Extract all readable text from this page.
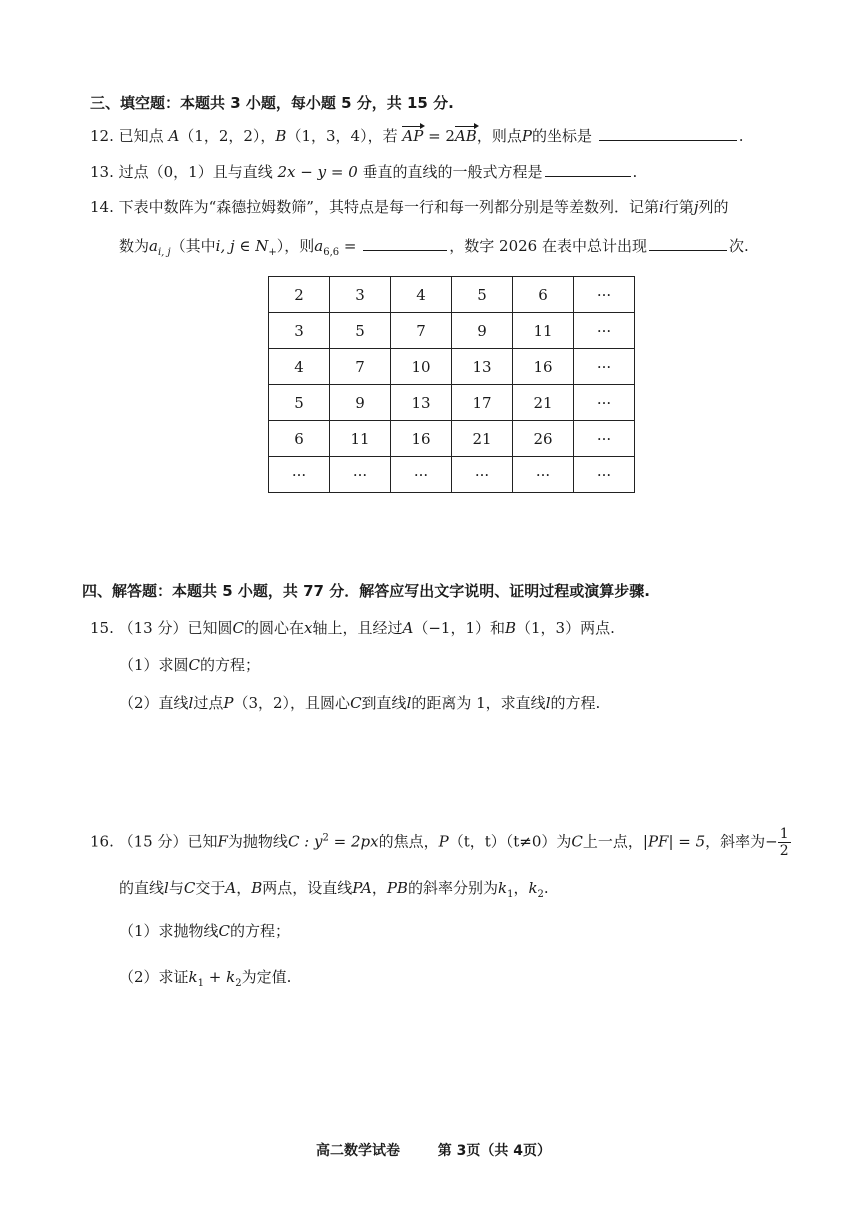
三、填空题：本题共 3 小题，每小题 5 分，共 15 分.
12. 已知点 A（1，2，2），B（1，3，4），若 AP = 2AB，则点P的坐标是	.
13. 过点（0，1）且与直线 2x − y = 0 垂直的直线的一般式方程是	.
14. 下表中数阵为“森德拉姆数筛”，其特点是每一行和每一列都分别是等差数列．记第i行第j列的
数为$a_{i, j}$（其中i, j ∈ $N_+$），则$a_{6,6}$ =	，数字 2026 在表中总计出现	次.
2	3	4	5	6	···
3	5	7	9	11	···
4	7	10	13	16	···
5	9	13	17	21	···
6	11	16	21	26	···
···	···	···	···	···	···
四、解答题：本题共 5 小题，共 77 分．解答应写出文字说明、证明过程或演算步骤.
15. （13 分）已知圆C的圆心在x轴上，且经过A（−1，1）和B（1，3）两点.
（1）求圆C的方程；
（2）直线l过点P（3，2），且圆心C到直线l的距离为 1，求直线l的方程.
16. （15 分）已知F为抛物线C : $y^2 = 2px$的焦点，P（t，t）（t≠0）为C上一点，|PF| = 5，斜率为− $\frac{1}{2}$
的直线l与C交于A，B两点，设直线PA，PB的斜率分别为$k_1$，$k_2$.
（1）求抛物线C的方程；
（2）求证$k_1 + k_2$为定值.
高二数学试卷	第 3页（共 4页）
